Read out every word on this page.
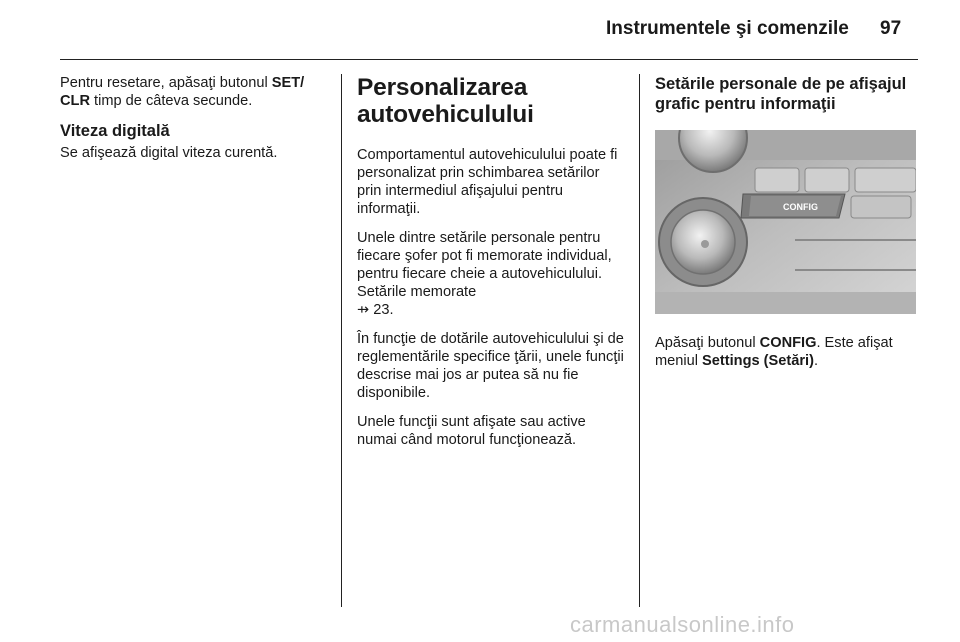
Instrumentele şi comenzile 97

Pentru resetare, apăsaţi butonul SET/ CLR timp de câteva secunde.

Viteza digitală

Se afişează digital viteza curentă.

Personalizarea autovehiculului

Comportamentul autovehiculului poate fi personalizat prin schimbarea setărilor prin intermediul afişajului pentru informaţii.

Unele dintre setările personale pentru fiecare şofer pot fi memorate individual, pentru fiecare cheie a autovehiculului. Setările memorate
⇸ 23.

În funcţie de dotările autovehiculului şi de reglementările specifice ţării, unele funcţii descrise mai jos ar putea să nu fie disponibile.

Unele funcţii sunt afişate sau active numai când motorul funcţionează.

Setările personale de pe afişajul grafic pentru informaţii
CONFIG

Apăsaţi butonul CONFIG. Este afişat meniul Settings (Setări).

carmanualsonline.info
